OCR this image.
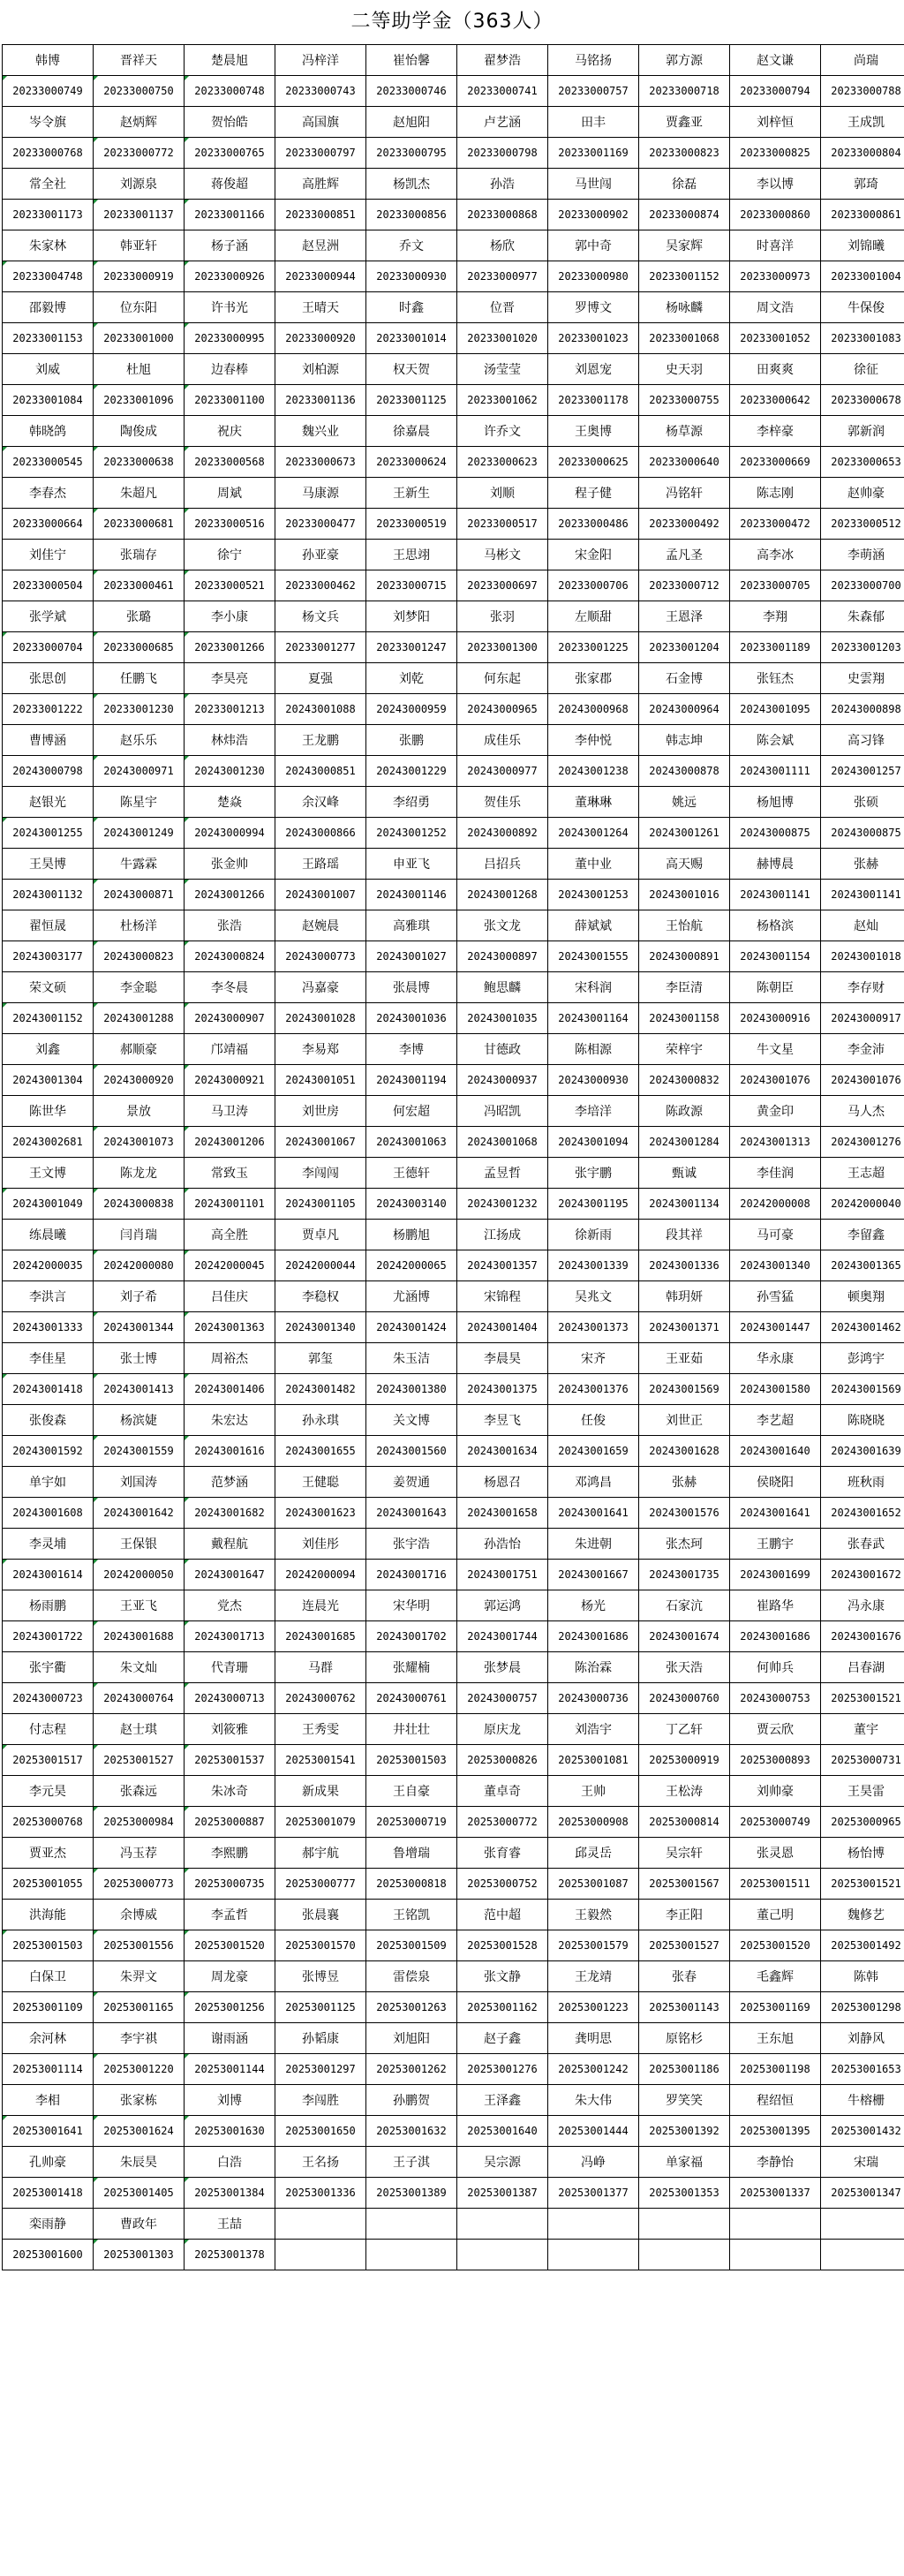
二等助学金（363人）
韩博	晋祥天	楚晨旭	冯梓洋	崔怡馨	翟梦浩	马铭扬	郭方源	赵文谦	尚瑞
20233000749	20233000750	20233000748	20233000743	20233000746	20233000741	20233000757	20233000718	20233000794	20233000788
岑令旗	赵炳辉	贺怡皓	高国旗	赵旭阳	卢艺涵	田丰	贾鑫亚	刘梓恒	王成凯
20233000768	20233000772	20233000765	20233000797	20233000795	20233000798	20233001169	20233000823	20233000825	20233000804
常全社	刘源泉	蒋俊超	高胜辉	杨凯杰	孙浩	马世闯	徐磊	李以博	郭琦
20233001173	20233001137	20233001166	20233000851	20233000856	20233000868	20233000902	20233000874	20233000860	20233000861
朱家林	韩亚轩	杨子涵	赵昱洲	乔文	杨欣	郭中奇	吴家辉	时喜洋	刘锦曦
20233004748	20233000919	20233000926	20233000944	20233000930	20233000977	20233000980	20233001152	20233000973	20233001004
邵毅博	位东阳	许书光	王晴天	时鑫	位晋	罗博文	杨咏麟	周文浩	牛保俊
20233001153	20233001000	20233000995	20233000920	20233001014	20233001020	20233001023	20233001068	20233001052	20233001083
刘威	杜旭	边春棒	刘柏源	权天贺	汤莹莹	刘恩宠	史天羽	田爽爽	徐征
20233001084	20233001096	20233001100	20233001136	20233001125	20233001062	20233001178	20233000755	20233000642	20233000678
韩晓鸽	陶俊成	祝庆	魏兴业	徐嘉晨	许乔文	王奥博	杨草源	李梓豪	郭新润
20233000545	20233000638	20233000568	20233000673	20233000624	20233000623	20233000625	20233000640	20233000669	20233000653
李春杰	朱超凡	周斌	马康源	王新生	刘顺	程子健	冯铭轩	陈志刚	赵帅豪
20233000664	20233000681	20233000516	20233000477	20233000519	20233000517	20233000486	20233000492	20233000472	20233000512
刘佳宁	张瑞存	徐宁	孙亚豪	王思翊	马彬文	宋金阳	孟凡圣	高李冰	李萌涵
20233000504	20233000461	20233000521	20233000462	20233000715	20233000697	20233000706	20233000712	20233000705	20233000700
张学斌	张璐	李小康	杨文兵	刘梦阳	张羽	左顺甜	王恩泽	李翔	朱森郁
20233000704	20233000685	20233001266	20233001277	20233001247	20233001300	20233001225	20233001204	20233001189	20233001203
张思创	任鹏飞	李昊亮	夏强	刘乾	何东起	张家郡	石金博	张钰杰	史雲翔
20233001222	20233001230	20233001213	20243001088	20243000959	20243000965	20243000968	20243000964	20243001095	20243000898
曹博涵	赵乐乐	林炜浩	王龙鹏	张鹏	成佳乐	李仲悦	韩志坤	陈会斌	高习锋
20243000798	20243000971	20243001230	20243000851	20243001229	20243000977	20243001238	20243000878	20243001111	20243001257
赵银光	陈星宇	楚焱	余汉峰	李绍勇	贺佳乐	董琳琳	姚远	杨旭博	张硕
20243001255	20243001249	20243000994	20243000866	20243001252	20243000892	20243001264	20243001261	20243000875	20243000875
王昊博	牛露霖	张金帅	王路瑶	申亚飞	吕招兵	董中业	高天赐	赫博晨	张赫
20243001132	20243000871	20243001266	20243001007	20243001146	20243001268	20243001253	20243001016	20243001141	20243001141
翟恒晟	杜杨洋	张浩	赵婉晨	高雅琪	张文龙	薛斌斌	王怡航	杨格滨	赵灿
20243003177	20243000823	20243000824	20243000773	20243001027	20243000897	20243001555	20243000891	20243001154	20243001018
荣文硕	李金聪	李冬晨	冯嘉豪	张晨博	鲍思麟	宋科润	李臣清	陈朝臣	李存财
20243001152	20243001288	20243000907	20243001028	20243001036	20243001035	20243001164	20243001158	20243000916	20243000917
刘鑫	郝顺豪	邝靖福	李易郑	李博	甘德政	陈相源	荣梓宇	牛文星	李金沛
20243001304	20243000920	20243000921	20243001051	20243001194	20243000937	20243000930	20243000832	20243001076	20243001076
陈世华	景放	马卫涛	刘世房	何宏超	冯昭凯	李培洋	陈政源	黄金印	马人杰
20243002681	20243001073	20243001206	20243001067	20243001063	20243001068	20243001094	20243001284	20243001313	20243001276
王文博	陈龙龙	常致玉	李闯闯	王德轩	孟昱哲	张宇鹏	甄诚	李佳润	王志超
20243001049	20243000838	20243001101	20243001105	20243003140	20243001232	20243001195	20243001134	20242000008	20242000040
练晨曦	闫肖瑞	高全胜	贾卓凡	杨鹏旭	江扬成	徐新雨	段其祥	马可豪	李留鑫
20242000035	20242000080	20242000045	20242000044	20242000065	20243001357	20243001339	20243001336	20243001340	20243001365
李洪言	刘子希	吕佳庆	李稳权	尤涵博	宋锦程	吴兆文	韩玥妍	孙雪猛	顿奥翔
20243001333	20243001344	20243001363	20243001340	20243001424	20243001404	20243001373	20243001371	20243001447	20243001462
李佳星	张士博	周裕杰	郭玺	朱玉洁	李晨昊	宋齐	王亚茹	华永康	彭鸿宇
20243001418	20243001413	20243001406	20243001482	20243001380	20243001375	20243001376	20243001569	20243001580	20243001569
张俊森	杨滨婕	朱宏达	孙永琪	关文博	李昱飞	任俊	刘世正	李艺超	陈晓晓
20243001592	20243001559	20243001616	20243001655	20243001560	20243001634	20243001659	20243001628	20243001640	20243001639
单宇如	刘国涛	范梦涵	王健聪	姜贺通	杨恩召	邓鸿昌	张赫	侯晓阳	班秋雨
20243001608	20243001642	20243001682	20243001623	20243001643	20243001658	20243001641	20243001576	20243001641	20243001652
李灵埔	王保银	戴程航	刘佳彤	张宇浩	孙浩怡	朱进朝	张杰珂	王鹏宇	张春武
20243001614	20242000050	20243001647	20242000094	20243001716	20243001751	20243001667	20243001735	20243001699	20243001672
杨雨鹏	王亚飞	党杰	连晨光	宋华明	郭运鸿	杨光	石家沆	崔路华	冯永康
20243001722	20243001688	20243001713	20243001685	20243001702	20243001744	20243001686	20243001674	20243001686	20243001676
张宇衢	朱文灿	代青珊	马群	张耀楠	张梦晨	陈治霖	张天浩	何帅兵	吕春湖
20243000723	20243000764	20243000713	20243000762	20243000761	20243000757	20243000736	20243000760	20243000753	20253001521
付志程	赵士琪	刘筱雅	王秀雯	井壮壮	原庆龙	刘浩宇	丁乙轩	贾云欣	董宇
20253001517	20253001527	20253001537	20253001541	20253001503	20253000826	20253001081	20253000919	20253000893	20253000731
李元昊	张森远	朱冰奇	新成果	王自豪	董卓奇	王帅	王松涛	刘帅豪	王昊雷
20253000768	20253000984	20253000887	20253001079	20253000719	20253000772	20253000908	20253000814	20253000749	20253000965
贾亚杰	冯玉荐	李熙鹏	郝宇航	鲁增瑞	张育睿	邱灵岳	吴宗轩	张灵恩	杨怡博
20253001055	20253000773	20253000735	20253000777	20253000818	20253000752	20253001087	20253001567	20253001511	20253001521
洪海能	余博威	李孟哲	张晨襄	王铭凯	范中超	王毅然	李正阳	董己明	魏修艺
20253001503	20253001556	20253001520	20253001570	20253001509	20253001528	20253001579	20253001527	20253001520	20253001492
白保卫	朱羿文	周龙豪	张博昱	雷偿泉	张文静	王龙靖	张春	毛鑫辉	陈韩
20253001109	20253001165	20253001256	20253001125	20253001263	20253001162	20253001223	20253001143	20253001169	20253001298
余河林	李宇祺	谢雨涵	孙韬康	刘旭阳	赵子鑫	龚明思	原铭杉	王东旭	刘静风
20253001114	20253001220	20253001144	20253001297	20253001262	20253001276	20253001242	20253001186	20253001198	20253001653
李相	张家栋	刘博	李闯胜	孙鹏贺	王泽鑫	朱大伟	罗笑笑	程绍恒	牛榕栅
20253001641	20253001624	20253001630	20253001650	20253001632	20253001640	20253001444	20253001392	20253001395	20253001432
孔帅豪	朱辰昊	白浩	王名扬	王子淇	吴宗源	冯峥	单家福	李静怡	宋瑞
20253001418	20253001405	20253001384	20253001336	20253001389	20253001387	20253001377	20253001353	20253001337	20253001347
栾雨静	曹政年	王喆							
20253001600	20253001303	20253001378							
